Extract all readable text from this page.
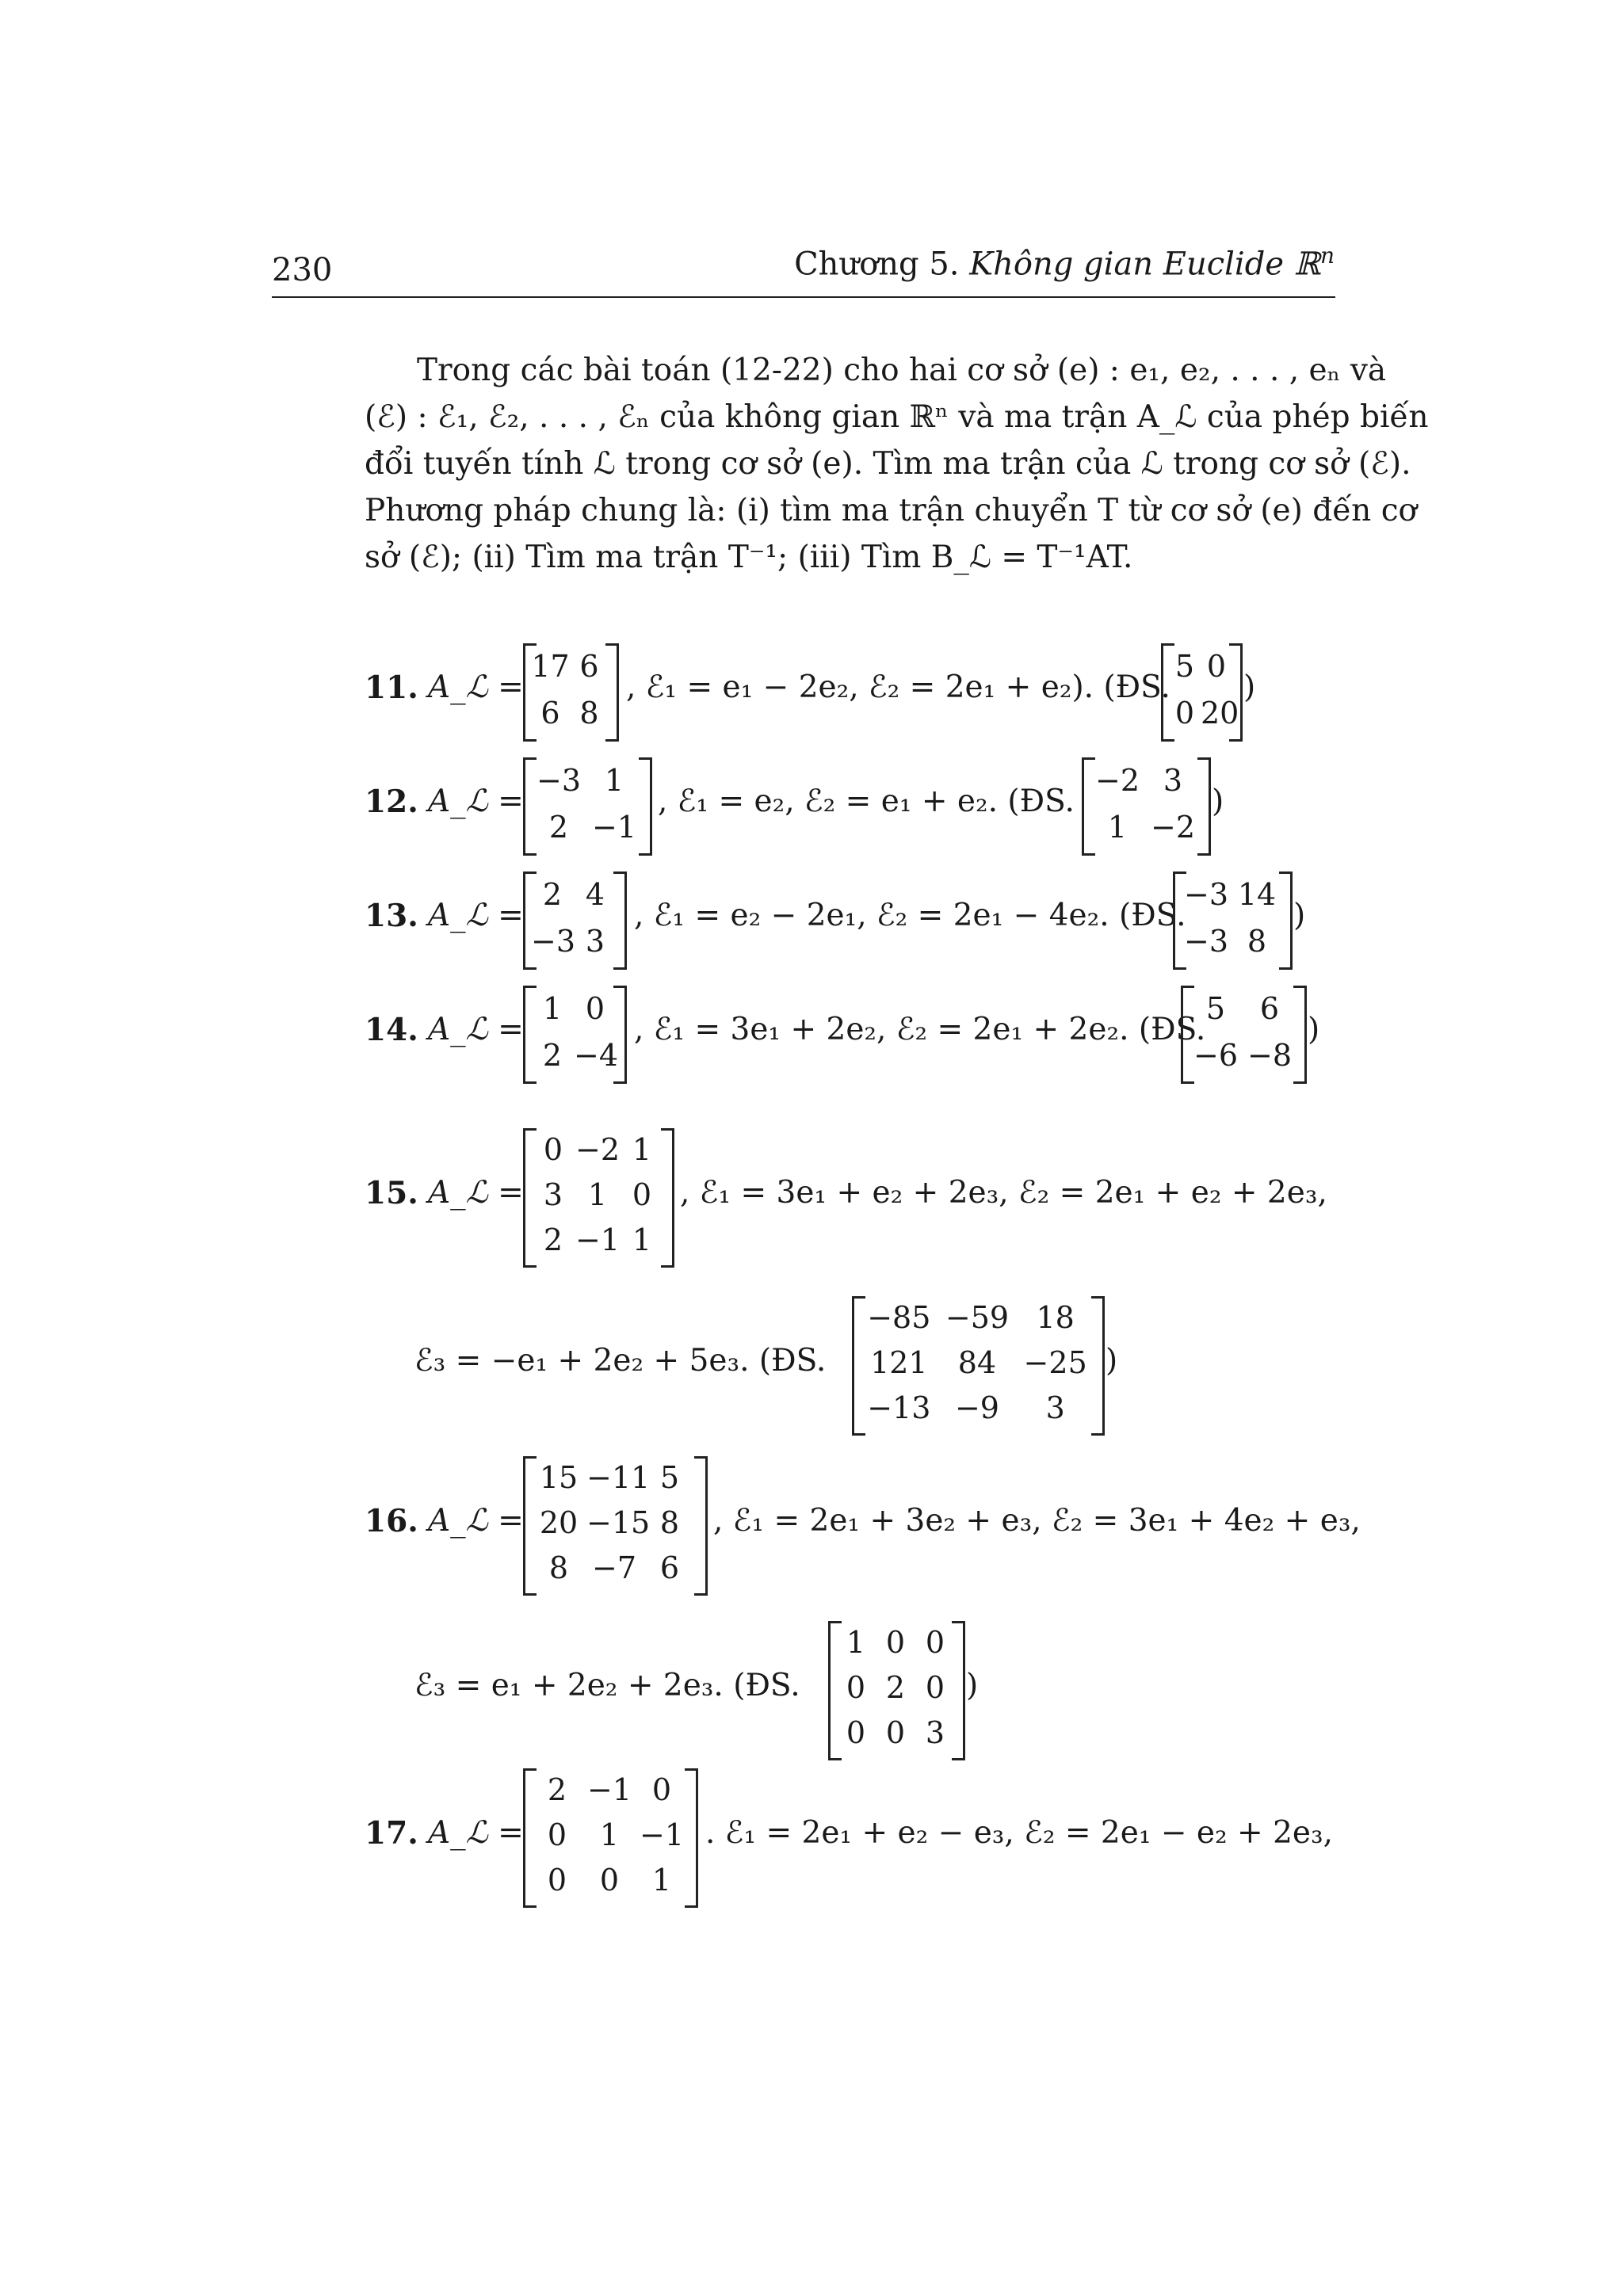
230	Chương 5. Không gian Euclide ℝ$^n$
Trong các bài toán (12-22) cho hai cơ sở (e) : e₁, e₂, . . . , eₙ và
(ℰ) : ℰ₁, ℰ₂, . . . , ℰₙ của không gian ℝⁿ và ma trận A_ℒ của phép biến
đổi tuyến tính ℒ trong cơ sở (e). Tìm ma trận của ℒ trong cơ sở (ℰ).
Phương pháp chung là: (i) tìm ma trận chuyển T từ cơ sở (e) đến cơ
sở (ℰ); (ii) Tìm ma trận T⁻¹; (iii) Tìm B_ℒ = T⁻¹AT.
11. A_ℒ =
17 6
6 8
, ℰ₁ = e₁ − 2e₂, ℰ₂ = 2e₁ + e₂). (ĐS.
5 0
0 20
)
12. A_ℒ =
−3 1
2 −1
, ℰ₁ = e₂, ℰ₂ = e₁ + e₂. (ĐS.
−2 3
1 −2
)
13. A_ℒ =
2 4
−3 3
, ℰ₁ = e₂ − 2e₁, ℰ₂ = 2e₁ − 4e₂. (ĐS.
−3 14
−3 8
)
14. A_ℒ =
1 0
2 −4
, ℰ₁ = 3e₁ + 2e₂, ℰ₂ = 2e₁ + 2e₂. (ĐS.
5	6
−6 −8
)
15. A_ℒ =
0 −2 1
3 1 0
2 −1 1
, ℰ₁ = 3e₁ + e₂ + 2e₃, ℰ₂ = 2e₁ + e₂ + 2e₃,
ℰ₃ = −e₁ + 2e₂ + 5e₃. (ĐS.
−85 −59 18
121	84 −25
−13 −9	3
)
16. A_ℒ =
15 −11 5
20 −15 8
8 −7 6
, ℰ₁ = 2e₁ + 3e₂ + e₃, ℰ₂ = 3e₁ + 4e₂ + e₃,
ℰ₃ = e₁ + 2e₂ + 2e₃. (ĐS.
1 0 0
0 2 0
0 0 3
)
17. A_ℒ =
2 −1 0
0	1 −1
0	0	1
. ℰ₁ = 2e₁ + e₂ − e₃, ℰ₂ = 2e₁ − e₂ + 2e₃,
